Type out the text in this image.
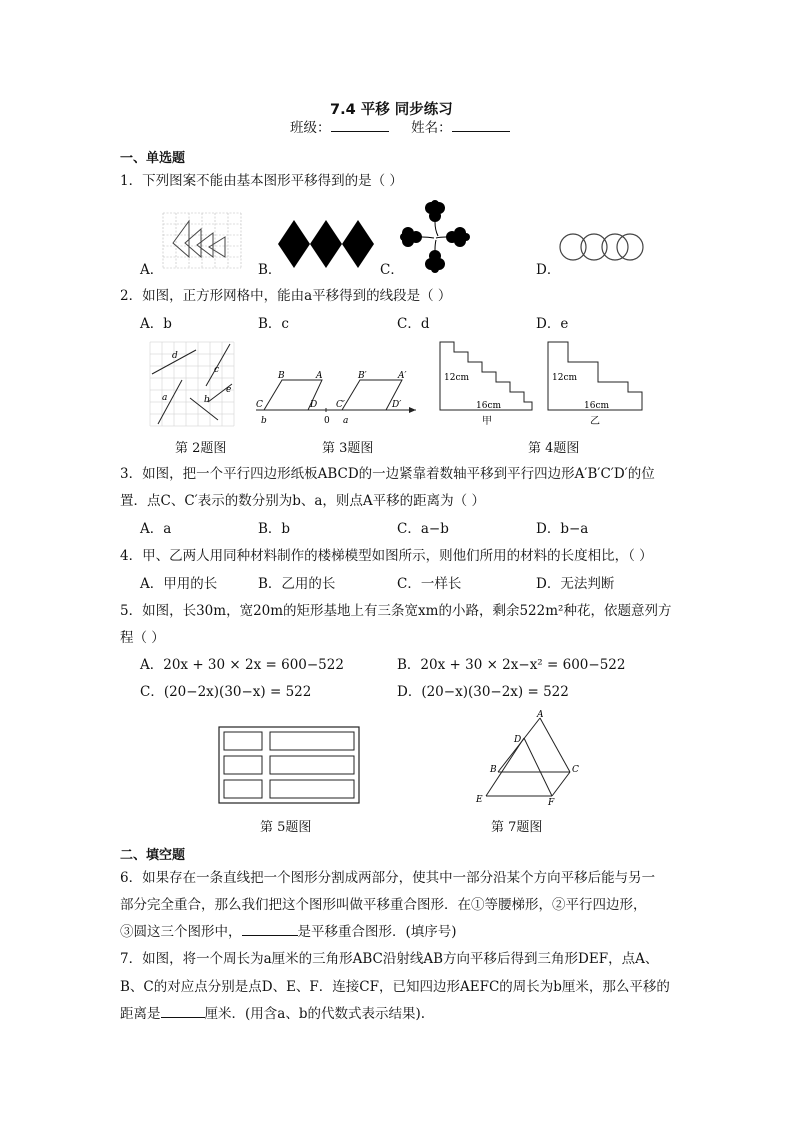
7.4 平移 同步练习
班级：	姓名：
一、单选题
1．下列图案不能由基本图形平移得到的是（ ）
A．	B．	C．	D．
2．如图，正方形网格中，能由a平移得到的线段是（ ）
A．b	B．c	C．d	D．e
d
c
e
a	b
第 2题图
B	A	B′	A′
C	D C′	D′
b	0 a
第 3题图
12cm
16cm
12cm
16cm
甲	乙
第 4题图
3．如图，把一个平行四边形纸板ABCD的一边紧靠着数轴平移到平行四边形A′B′C′D′的位
置．点C、C′表示的数分别为b、a，则点A平移的距离为（ ）
A．a	B．b	C．a−b	D．b−a
4．甲、乙两人用同种材料制作的楼梯模型如图所示，则他们所用的材料的长度相比，（ ）
A．甲用的长	B．乙用的长	C．一样长	D．无法判断
5．如图，长30m，宽20m的矩形基地上有三条宽xm的小路，剩余522m²种花，依题意列方
程（ ）
A．20x + 30 × 2x = 600−522	B．20x + 30 × 2x−x² = 600−522
C．(20−2x)(30−x) = 522	D．(20−x)(30−2x) = 522
第 5题图
A
D
B	C
E	F
第 7题图
二、填空题
6．如果存在一条直线把一个图形分割成两部分，使其中一部分沿某个方向平移后能与另一
部分完全重合，那么我们把这个图形叫做平移重合图形．在①等腰梯形，②平行四边形，
③圆这三个图形中，	是平移重合图形．(填序号)
7．如图，将一个周长为a厘米的三角形ABC沿射线AB方向平移后得到三角形DEF，点A、
B、C的对应点分别是点D、E、F．连接CF，已知四边形AEFC的周长为b厘米，那么平移的
距离是	厘米．(用含a、b的代数式表示结果).
